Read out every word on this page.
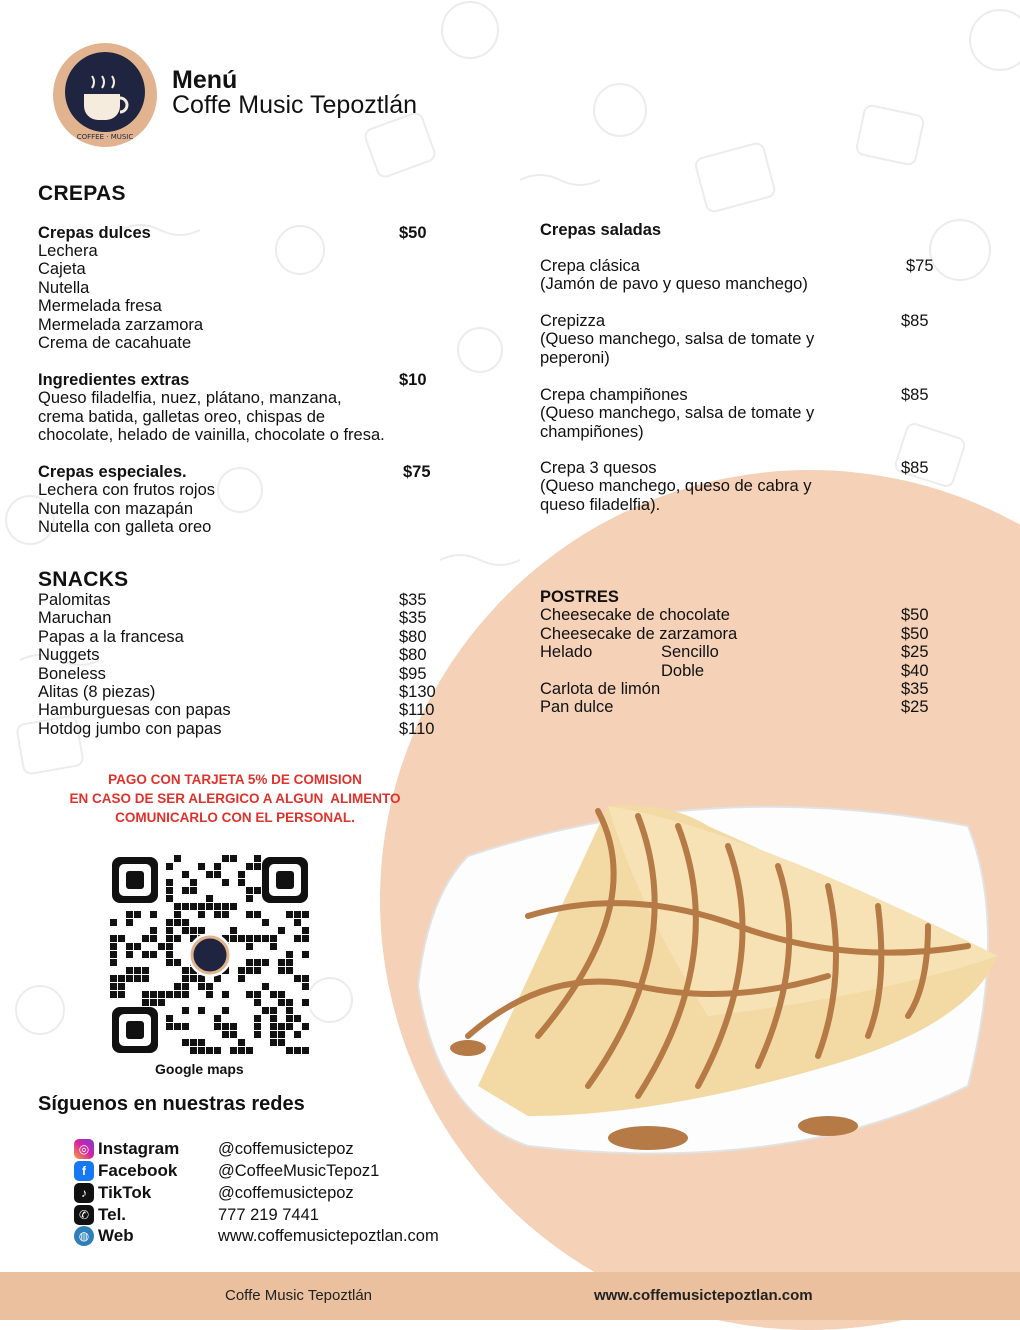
COFFEE · MUSIC
Menú
Coffe Music Tepoztlán
CREPAS
Crepas dulces	$50
Lechera
Cajeta
Nutella
Mermelada fresa
Mermelada zarzamora
Crema de cacahuate
Ingredientes extras	$10
Queso filadelfia, nuez, plátano, manzana,
crema batida, galletas oreo, chispas de
chocolate, helado de vainilla, chocolate o fresa.
Crepas especiales.	$75
Lechera con frutos rojos
Nutella con mazapán
Nutella con galleta oreo
Crepas saladas
Crepa clásica	$75
(Jamón de pavo y queso manchego)
Crepizza	$85
(Queso manchego, salsa de tomate y
peperoni)
Crepa champiñones	$85
(Queso manchego, salsa de tomate y
champiñones)
Crepa 3 quesos	$85
(Queso manchego, queso de cabra y
queso filadelfia).
SNACKS
Palomitas	$35
Maruchan	$35
Papas a la francesa	$80
Nuggets	$80
Boneless	$95
Alitas (8 piezas)	$130
Hamburguesas con papas	$110
Hotdog jumbo con papas	$110
POSTRES
Cheesecake de chocolate	$50
Cheesecake de zarzamora	$50
Helado	Sencillo	$25
Doble	$40
Carlota de limón	$35
Pan dulce	$25
PAGO CON TARJETA 5% DE COMISION
EN CASO DE SER ALERGICO A ALGUN  ALIMENTO
COMUNICARLO CON EL PERSONAL.
Google maps
Síguenos en nuestras redes
◎ Instagram	@coffemusictepoz
f Facebook	@CoffeeMusicTepoz1
♪ TikTok	@coffemusictepoz
✆ Tel.	777 219 7441
◍ Web	www.coffemusictepoztlan.com
Coffe Music Tepoztlán	www.coffemusictepoztlan.com
